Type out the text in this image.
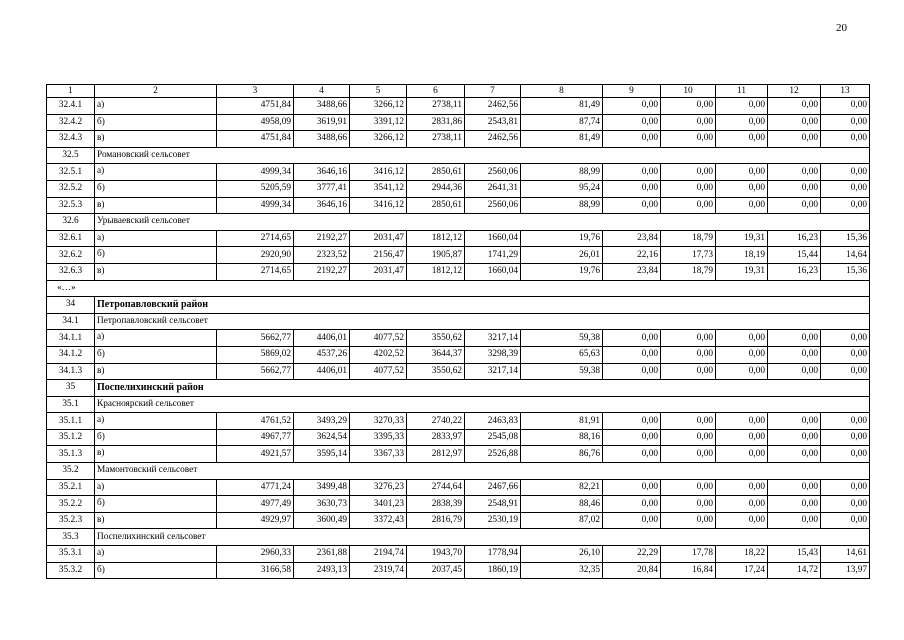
20
1	2	3	4	5	6	7	8	9	10	11	12	13
32.4.1	а)	4751,84	3488,66	3266,12	2738,11	2462,56	81,49	0,00	0,00	0,00	0,00	0,00
32.4.2	б)	4958,09	3619,91	3391,12	2831,86	2543,81	87,74	0,00	0,00	0,00	0,00	0,00
32.4.3	в)	4751,84	3488,66	3266,12	2738,11	2462,56	81,49	0,00	0,00	0,00	0,00	0,00
32.5	Романовский сельсовет											
32.5.1	а)	4999,34	3646,16	3416,12	2850,61	2560,06	88,99	0,00	0,00	0,00	0,00	0,00
32.5.2	б)	5205,59	3777,41	3541,12	2944,36	2641,31	95,24	0,00	0,00	0,00	0,00	0,00
32.5.3	в)	4999,34	3646,16	3416,12	2850,61	2560,06	88,99	0,00	0,00	0,00	0,00	0,00
32.6	Урываевский сельсовет											
32.6.1	а)	2714,65	2192,27	2031,47	1812,12	1660,04	19,76	23,84	18,79	19,31	16,23	15,36
32.6.2	б)	2920,90	2323,52	2156,47	1905,87	1741,29	26,01	22,16	17,73	18,19	15,44	14,64
32.6.3	в)	2714,65	2192,27	2031,47	1812,12	1660,04	19,76	23,84	18,79	19,31	16,23	15,36
«…»												
34	Петропавловский район											
34.1	Петропавловский сельсовет											
34.1.1	а)	5662,77	4406,01	4077,52	3550,62	3217,14	59,38	0,00	0,00	0,00	0,00	0,00
34.1.2	б)	5869,02	4537,26	4202,52	3644,37	3298,39	65,63	0,00	0,00	0,00	0,00	0,00
34.1.3	в)	5662,77	4406,01	4077,52	3550,62	3217,14	59,38	0,00	0,00	0,00	0,00	0,00
35	Поспелихинский район											
35.1	Красноярский сельсовет											
35.1.1	а)	4761,52	3493,29	3270,33	2740,22	2463,83	81,91	0,00	0,00	0,00	0,00	0,00
35.1.2	б)	4967,77	3624,54	3395,33	2833,97	2545,08	88,16	0,00	0,00	0,00	0,00	0,00
35.1.3	в)	4921,57	3595,14	3367,33	2812,97	2526,88	86,76	0,00	0,00	0,00	0,00	0,00
35.2	Мамонтовский сельсовет											
35.2.1	а)	4771,24	3499,48	3276,23	2744,64	2467,66	82,21	0,00	0,00	0,00	0,00	0,00
35.2.2	б)	4977,49	3630,73	3401,23	2838,39	2548,91	88,46	0,00	0,00	0,00	0,00	0,00
35.2.3	в)	4929,97	3600,49	3372,43	2816,79	2530,19	87,02	0,00	0,00	0,00	0,00	0,00
35.3	Поспелихинский сельсовет											
35.3.1	а)	2960,33	2361,88	2194,74	1943,70	1778,94	26,10	22,29	17,78	18,22	15,43	14,61
35.3.2	б)	3166,58	2493,13	2319,74	2037,45	1860,19	32,35	20,84	16,84	17,24	14,72	13,97
